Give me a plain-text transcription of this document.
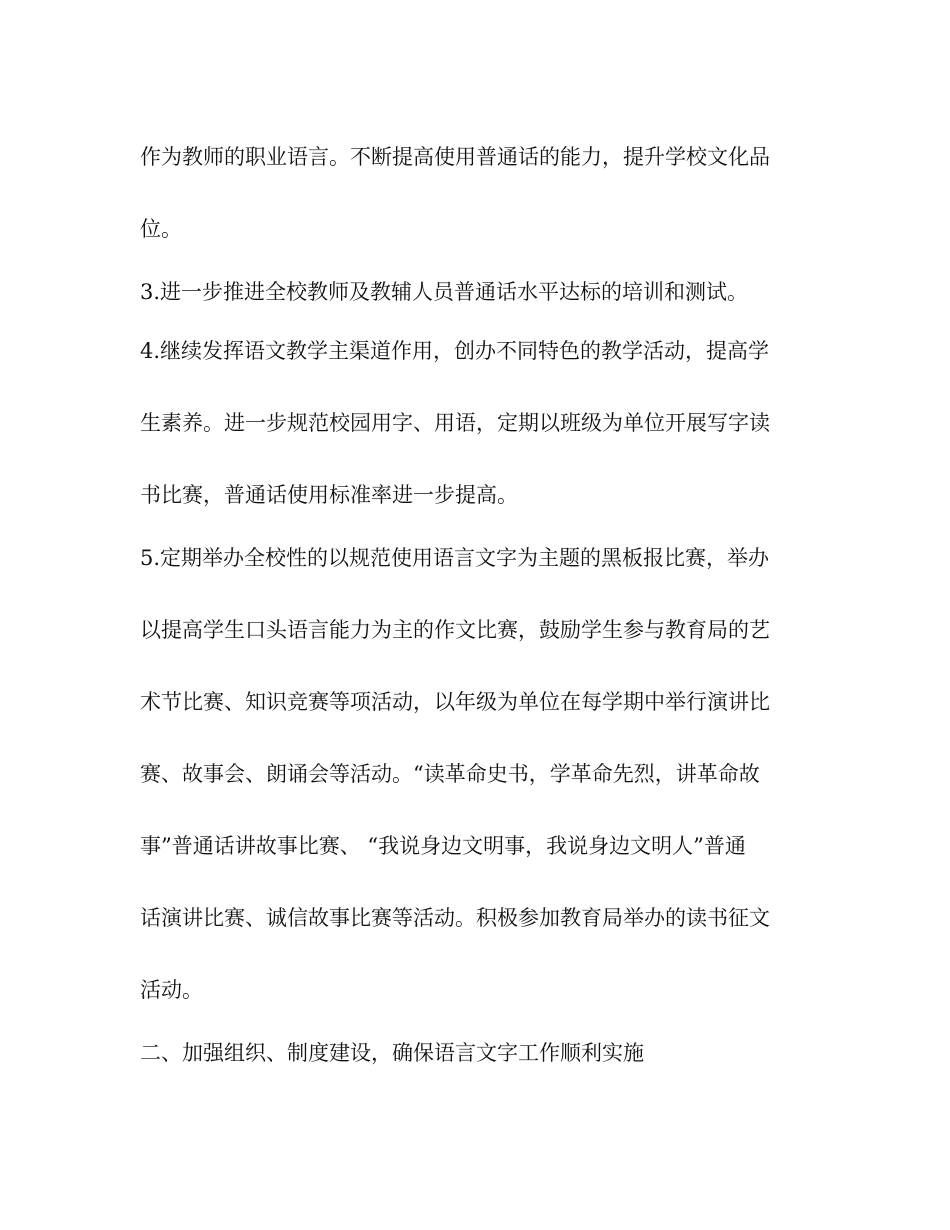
作为教师的职业语言。不断提高使用普通话的能力，提升学校文化品
位。
3.进一步推进全校教师及教辅人员普通话水平达标的培训和测试。
4.继续发挥语文教学主渠道作用，创办不同特色的教学活动，提高学
生素养。进一步规范校园用字、用语，定期以班级为单位开展写字读
书比赛，普通话使用标准率进一步提高。
5.定期举办全校性的以规范使用语言文字为主题的黑板报比赛，举办
以提高学生口头语言能力为主的作文比赛，鼓励学生参与教育局的艺
术节比赛、知识竞赛等项活动，以年级为单位在每学期中举行演讲比
赛、故事会、朗诵会等活动。“读革命史书，学革命先烈，讲革命故
事”普通话讲故事比赛、 “我说身边文明事，我说身边文明人”普通
话演讲比赛、诚信故事比赛等活动。积极参加教育局举办的读书征文
活动。
二、加强组织、制度建设，确保语言文字工作顺利实施
